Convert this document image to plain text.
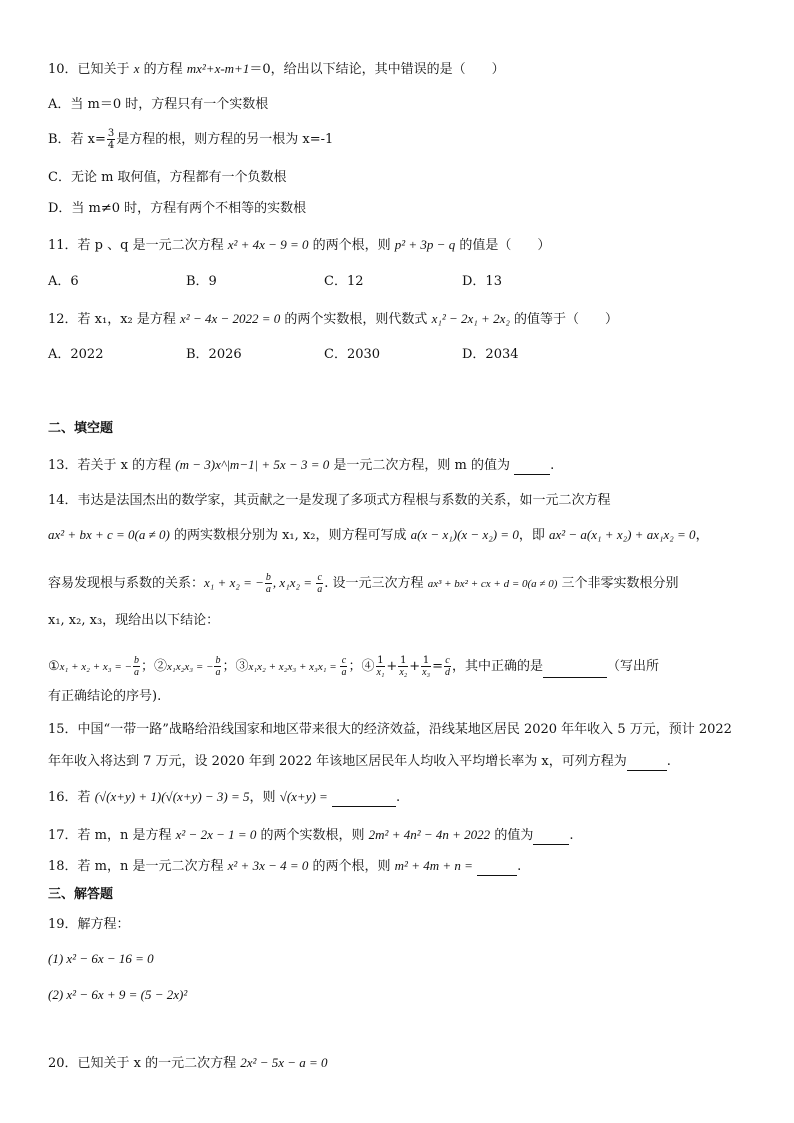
10．已知关于 x 的方程 mx²+x-m+1＝0，给出以下结论，其中错误的是（　　）
A．当 m＝0 时，方程只有一个实数根
B．若 $x= \frac{3}{4}$ 是方程的根，则方程的另一根为 x=-1
C．无论 m 取何值，方程都有一个负数根
D．当 m≠0 时，方程有两个不相等的实数根
11．若 p 、q 是一元二次方程 x² + 4x − 9 = 0 的两个根，则 p² + 3p − q 的值是（　　）
A．6	B．9	C．12	D．13
12．若 x₁，x₂ 是方程 x² − 4x − 2022 = 0 的两个实数根，则代数式 x₁² − 2x₁ + 2x₂ 的值等于（　　）
A．2022	B．2026	C．2030	D．2034
二、填空题
13．若关于 x 的方程 (m − 3)x^|m−1| + 5x − 3 = 0 是一元二次方程，则 m 的值为	.
14．韦达是法国杰出的数学家，其贡献之一是发现了多项式方程根与系数的关系，如一元二次方程
ax² + bx + c = 0(a ≠ 0) 的两实数根分别为 x₁, x₂，则方程可写成 a(x − x₁)(x − x₂) = 0，即 ax² − a(x₁ + x₂) + ax₁x₂ = 0，
容易发现根与系数的关系：x₁ + x₂ = − $\frac{b}{a}$ , $x_1x_2 = \frac{c}{a}$ . 设一元三次方程 ax³ + bx² + cx + d = 0(a ≠ 0) 三个非零实数根分别
x₁, x₂, x₃，现给出以下结论：
①x₁ + x₂ + x₃ = − $\frac{b}{a}$ ；②x₁x₂x₃ = − $\frac{b}{a}$ ；③x₁x₂ + $x_2x_3 + x_3x_1 = \frac{c}{a}$ ；④ $\frac{1}{\text{x₁}} + \frac{1}{\text{x₂}} + \frac{1}{\text{x₃}} = \frac{c}{d}$ ，其中正确的是	（写出所
有正确结论的序号).
15．中国“一带一路”战略给沿线国家和地区带来很大的经济效益，沿线某地区居民 2020 年年收入 5 万元，预计 2022
年年收入将达到 7 万元，设 2020 年到 2022 年该地区居民年人均收入平均增长率为 x，可列方程为	.
16．若 (√(x+y) + 1)(√(x+y) − 3) = 5，则 √(x+y) =	.
17．若 m，n 是方程 x² − 2x − 1 = 0 的两个实数根，则 2m² + 4n² − 4n + 2022 的值为	.
18．若 m，n 是一元二次方程 x² + 3x − 4 = 0 的两个根，则 m² + 4m + n =	.
三、解答题
19．解方程：
(1) x² − 6x − 16 = 0
(2) x² − 6x + 9 = (5 − 2x)²
20．已知关于 x 的一元二次方程 2x² − 5x − a = 0
